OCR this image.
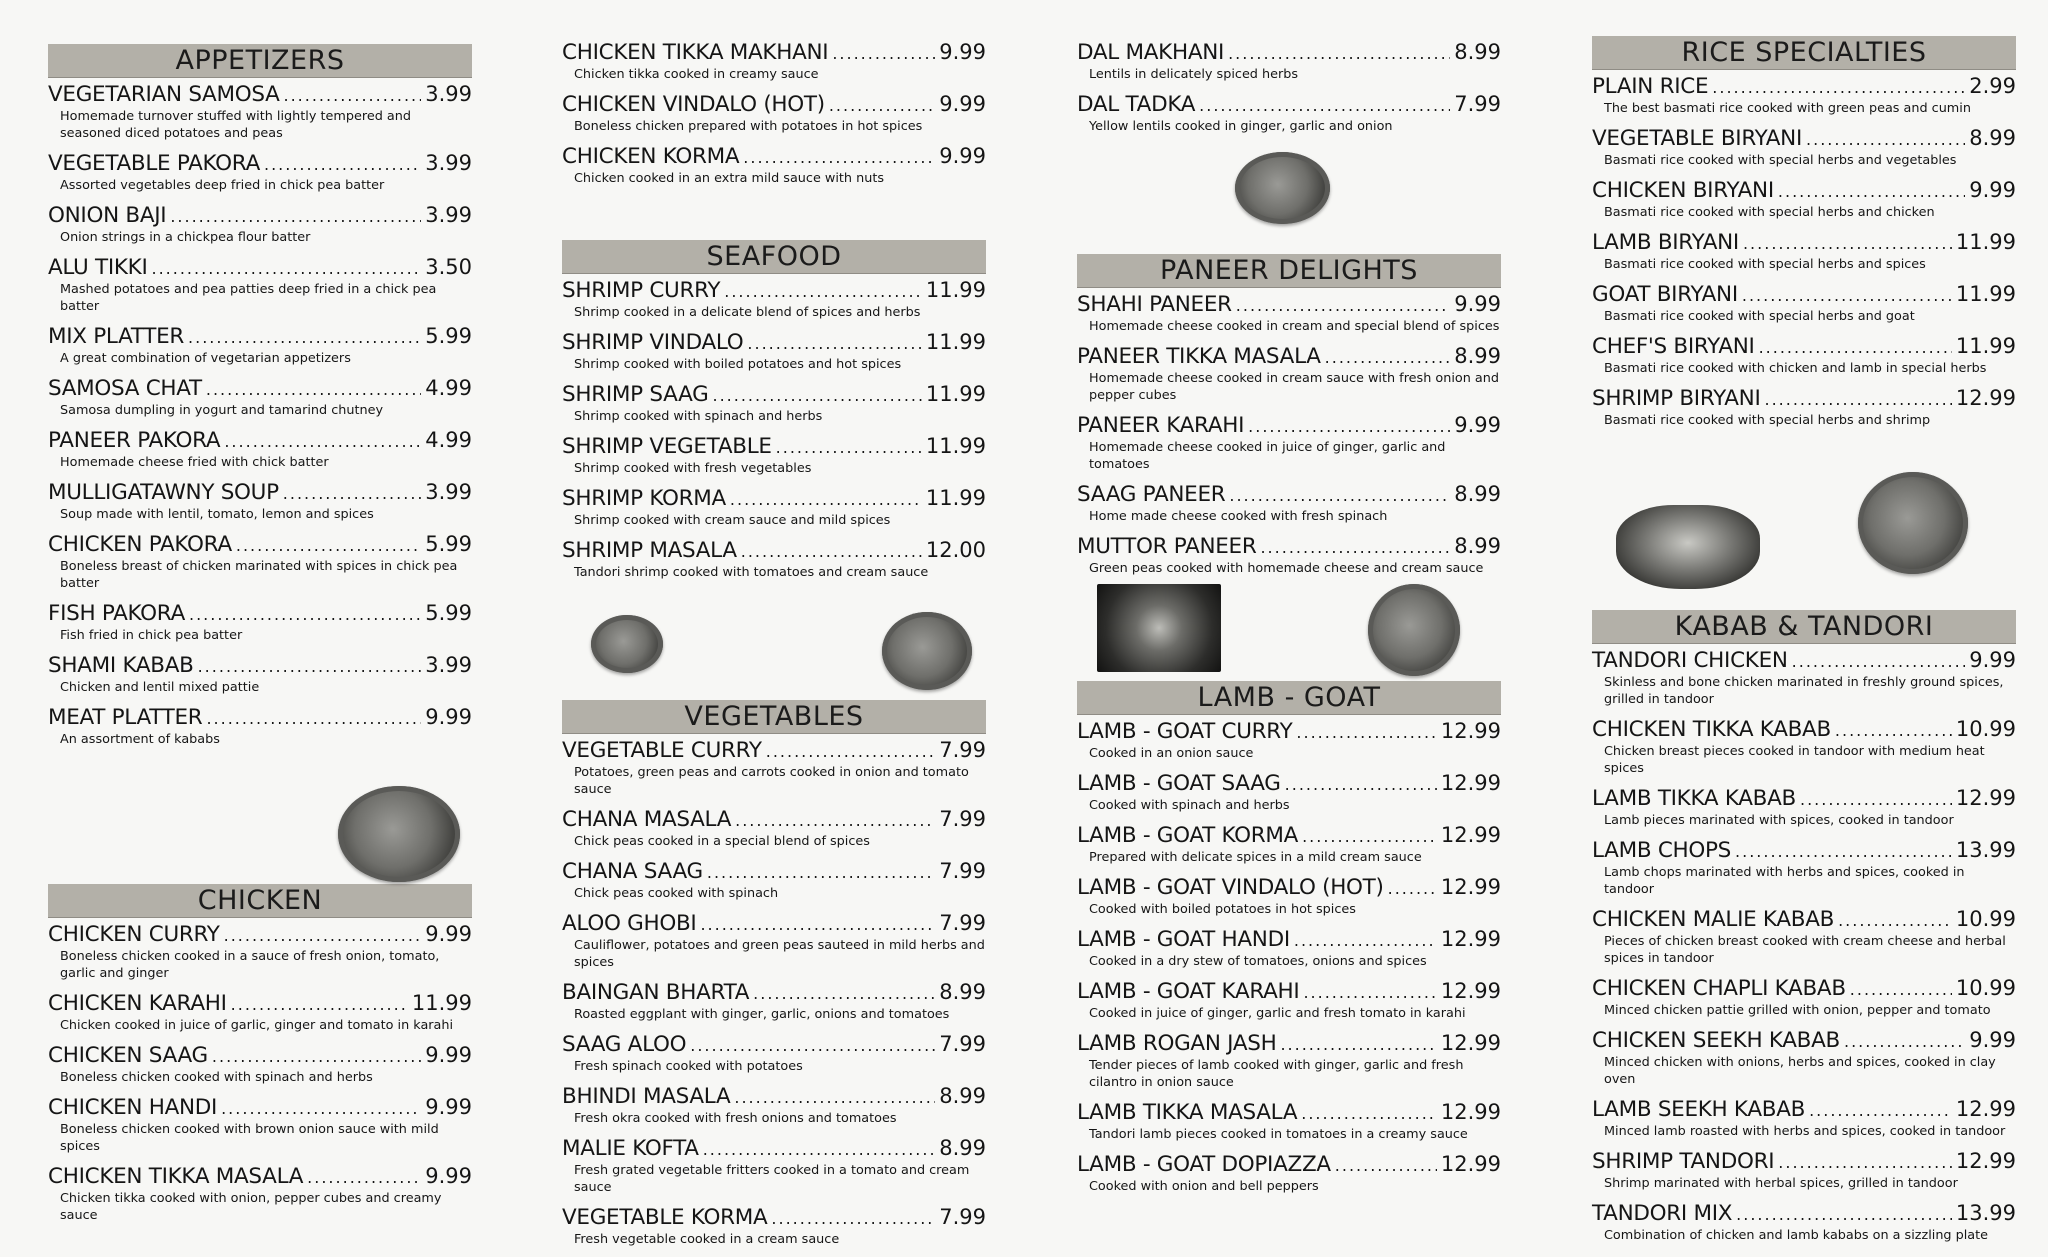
APPETIZERS
VEGETARIAN SAMOSA .....	3.99
Homemade turnover stuffed with lightly tempered and seasoned diced potatoes and peas
VEGETABLE PAKORA .....	3.99
Assorted vegetables deep fried in chick pea batter
ONION BAJI .....	3.99
Onion strings in a chickpea flour batter
ALU TIKKI .....	3.50
Mashed potatoes and pea patties deep fried in a chick pea batter
MIX PLATTER .....	5.99
A great combination of vegetarian appetizers
SAMOSA CHAT .....	4.99
Samosa dumpling in yogurt and tamarind chutney
PANEER PAKORA .....	4.99
Homemade cheese fried with chick batter
MULLIGATAWNY SOUP .....	3.99
Soup made with lentil, tomato, lemon and spices
CHICKEN PAKORA .....	5.99
Boneless breast of chicken marinated with spices in chick pea batter
FISH PAKORA .....	5.99
Fish fried in chick pea batter
SHAMI KABAB .....	3.99
Chicken and lentil mixed pattie
MEAT PLATTER .....	9.99
An assortment of kababs
CHICKEN
CHICKEN CURRY .....	9.99
Boneless chicken cooked in a sauce of fresh onion, tomato, garlic and ginger
CHICKEN KARAHI .....	11.99
Chicken cooked in juice of garlic, ginger and tomato in karahi
CHICKEN SAAG .....	9.99
Boneless chicken cooked with spinach and herbs
CHICKEN HANDI .....	9.99
Boneless chicken cooked with brown onion sauce with mild spices
CHICKEN TIKKA MASALA .....	9.99
Chicken tikka cooked with onion, pepper cubes and creamy sauce
CHICKEN TIKKA MAKHANI .....	9.99
Chicken tikka cooked in creamy sauce
CHICKEN VINDALO (HOT) .....	9.99
Boneless chicken prepared with potatoes in hot spices
CHICKEN KORMA .....	9.99
Chicken cooked in an extra mild sauce with nuts
SEAFOOD
SHRIMP CURRY .....	11.99
Shrimp cooked in a delicate blend of spices and herbs
SHRIMP VINDALO .....	11.99
Shrimp cooked with boiled potatoes and hot spices
SHRIMP SAAG .....	11.99
Shrimp cooked with spinach and herbs
SHRIMP VEGETABLE .....	11.99
Shrimp cooked with fresh vegetables
SHRIMP KORMA .....	11.99
Shrimp cooked with cream sauce and mild spices
SHRIMP MASALA .....	12.00
Tandori shrimp cooked with tomatoes and cream sauce
VEGETABLES
VEGETABLE CURRY .....	7.99
Potatoes, green peas and carrots cooked in onion and tomato sauce
CHANA MASALA .....	7.99
Chick peas cooked in a special blend of spices
CHANA SAAG .....	7.99
Chick peas cooked with spinach
ALOO GHOBI .....	7.99
Cauliflower, potatoes and green peas sauteed in mild herbs and spices
BAINGAN BHARTA .....	8.99
Roasted eggplant with ginger, garlic, onions and tomatoes
SAAG ALOO .....	7.99
Fresh spinach cooked with potatoes
BHINDI MASALA .....	8.99
Fresh okra cooked with fresh onions and tomatoes
MALIE KOFTA .....	8.99
Fresh grated vegetable fritters cooked in a tomato and cream sauce
VEGETABLE KORMA .....	7.99
Fresh vegetable cooked in a cream sauce
DAL MAKHANI .....	8.99
Lentils in delicately spiced herbs
DAL TADKA .....	7.99
Yellow lentils cooked in ginger, garlic and onion
PANEER DELIGHTS
SHAHI PANEER .....	9.99
Homemade cheese cooked in cream and special blend of spices
PANEER TIKKA MASALA .....	8.99
Homemade cheese cooked in cream sauce with fresh onion and pepper cubes
PANEER KARAHI .....	9.99
Homemade cheese cooked in juice of ginger, garlic and tomatoes
SAAG PANEER .....	8.99
Home made cheese cooked with fresh spinach
MUTTOR PANEER .....	8.99
Green peas cooked with homemade cheese and cream sauce
LAMB - GOAT
LAMB - GOAT CURRY .....	12.99
Cooked in an onion sauce
LAMB - GOAT SAAG .....	12.99
Cooked with spinach and herbs
LAMB - GOAT KORMA .....	12.99
Prepared with delicate spices in a mild cream sauce
LAMB - GOAT VINDALO (HOT) .....	12.99
Cooked with boiled potatoes in hot spices
LAMB - GOAT HANDI .....	12.99
Cooked in a dry stew of tomatoes, onions and spices
LAMB - GOAT KARAHI .....	12.99
Cooked in juice of ginger, garlic and fresh tomato in karahi
LAMB ROGAN JASH .....	12.99
Tender pieces of lamb cooked with ginger, garlic and fresh cilantro in onion sauce
LAMB TIKKA MASALA .....	12.99
Tandori lamb pieces cooked in tomatoes in a creamy sauce
LAMB - GOAT DOPIAZZA .....	12.99
Cooked with onion and bell peppers
RICE SPECIALTIES
PLAIN RICE .....	2.99
The best basmati rice cooked with green peas and cumin
VEGETABLE BIRYANI .....	8.99
Basmati rice cooked with special herbs and vegetables
CHICKEN BIRYANI .....	9.99
Basmati rice cooked with special herbs and chicken
LAMB BIRYANI .....	11.99
Basmati rice cooked with special herbs and spices
GOAT BIRYANI .....	11.99
Basmati rice cooked with special herbs and goat
CHEF'S BIRYANI .....	11.99
Basmati rice cooked with chicken and lamb in special herbs
SHRIMP BIRYANI .....	12.99
Basmati rice cooked with special herbs and shrimp
KABAB & TANDORI
TANDORI CHICKEN .....	9.99
Skinless and bone chicken marinated in freshly ground spices, grilled in tandoor
CHICKEN TIKKA KABAB .....	10.99
Chicken breast pieces cooked in tandoor with medium heat spices
LAMB TIKKA KABAB .....	12.99
Lamb pieces marinated with spices, cooked in tandoor
LAMB CHOPS .....	13.99
Lamb chops marinated with herbs and spices, cooked in tandoor
CHICKEN MALIE KABAB .....	10.99
Pieces of chicken breast cooked with cream cheese and herbal spices in tandoor
CHICKEN CHAPLI KABAB .....	10.99
Minced chicken pattie grilled with onion, pepper and tomato
CHICKEN SEEKH KABAB .....	9.99
Minced chicken with onions, herbs and spices, cooked in clay oven
LAMB SEEKH KABAB .....	12.99
Minced lamb roasted with herbs and spices, cooked in tandoor
SHRIMP TANDORI .....	12.99
Shrimp marinated with herbal spices, grilled in tandoor
TANDORI MIX .....	13.99
Combination of chicken and lamb kababs on a sizzling plate
